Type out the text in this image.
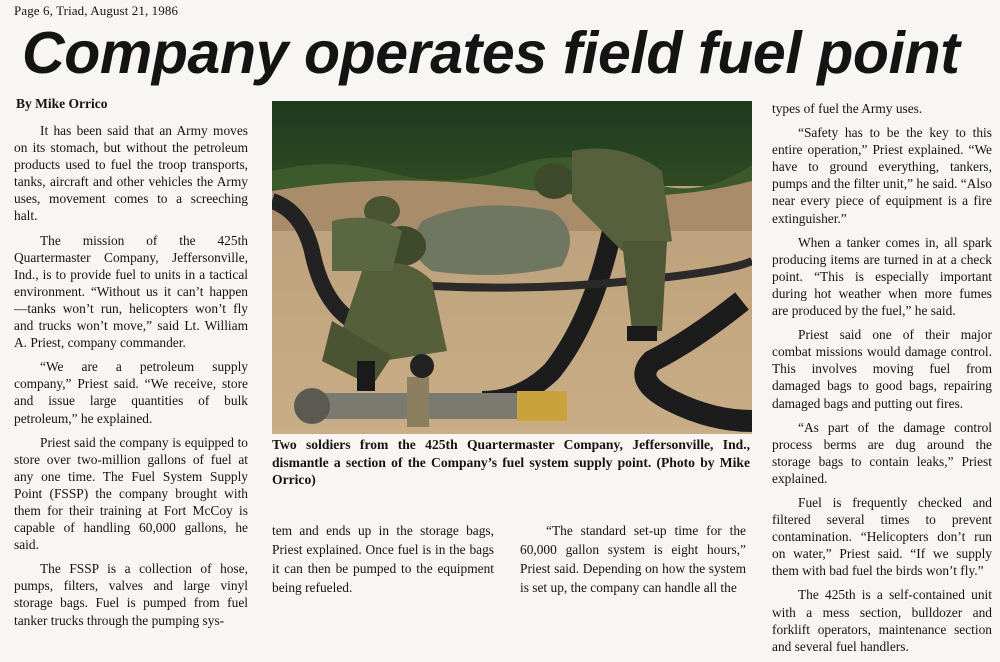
Page 6, Triad, August 21, 1986
Company operates field fuel point
By Mike Orrico

It has been said that an Army moves on its stomach, but without the petroleum products used to fuel the troop transports, tanks, aircraft and other vehicles the Army uses, movement comes to a screeching halt.

The mission of the 425th Quartermaster Company, Jeffersonville, Ind., is to provide fuel to units in a tactical environment. “Without us it can’t happen—tanks won’t run, helicopters won’t fly and trucks won’t move,” said Lt. William A. Priest, company commander.

“We are a petroleum supply company,” Priest said. “We receive, store and issue large quantities of bulk petroleum,” he explained.

Priest said the company is equipped to store over two-million gallons of fuel at any one time. The Fuel System Supply Point (FSSP) the company brought with them for their training at Fort McCoy is capable of handling 60,000 gallons, he said.

The FSSP is a collection of hose, pumps, filters, valves and large vinyl storage bags. Fuel is pumped from fuel tanker trucks through the pumping sys-

Two soldiers from the 425th Quartermaster Company, Jeffersonville, Ind., dismantle a section of the Company’s fuel system supply point. (Photo by Mike Orrico)

tem and ends up in the storage bags, Priest explained. Once fuel is in the bags it can then be pumped to the equipment being refueled.

“The standard set-up time for the 60,000 gallon system is eight hours,” Priest said. Depending on how the system is set up, the company can handle all the

types of fuel the Army uses.

“Safety has to be the key to this entire operation,” Priest explained. “We have to ground everything, tankers, pumps and the filter unit,” he said. “Also near every piece of equipment is a fire extinguisher.”

When a tanker comes in, all spark producing items are turned in at a check point. “This is especially important during hot weather when more fumes are produced by the fuel,” he said.

Priest said one of their major combat missions would damage control. This involves moving fuel from damaged bags to good bags, repairing damaged bags and putting out fires.

“As part of the damage control process berms are dug around the storage bags to contain leaks,” Priest explained.

Fuel is frequently checked and filtered several times to prevent contamination. “Helicopters don’t run on water,” Priest said. “If we supply them with bad fuel the birds won’t fly.”

The 425th is a self-contained unit with a mess section, bulldozer and forklift operators, maintenance section and several fuel handlers.
